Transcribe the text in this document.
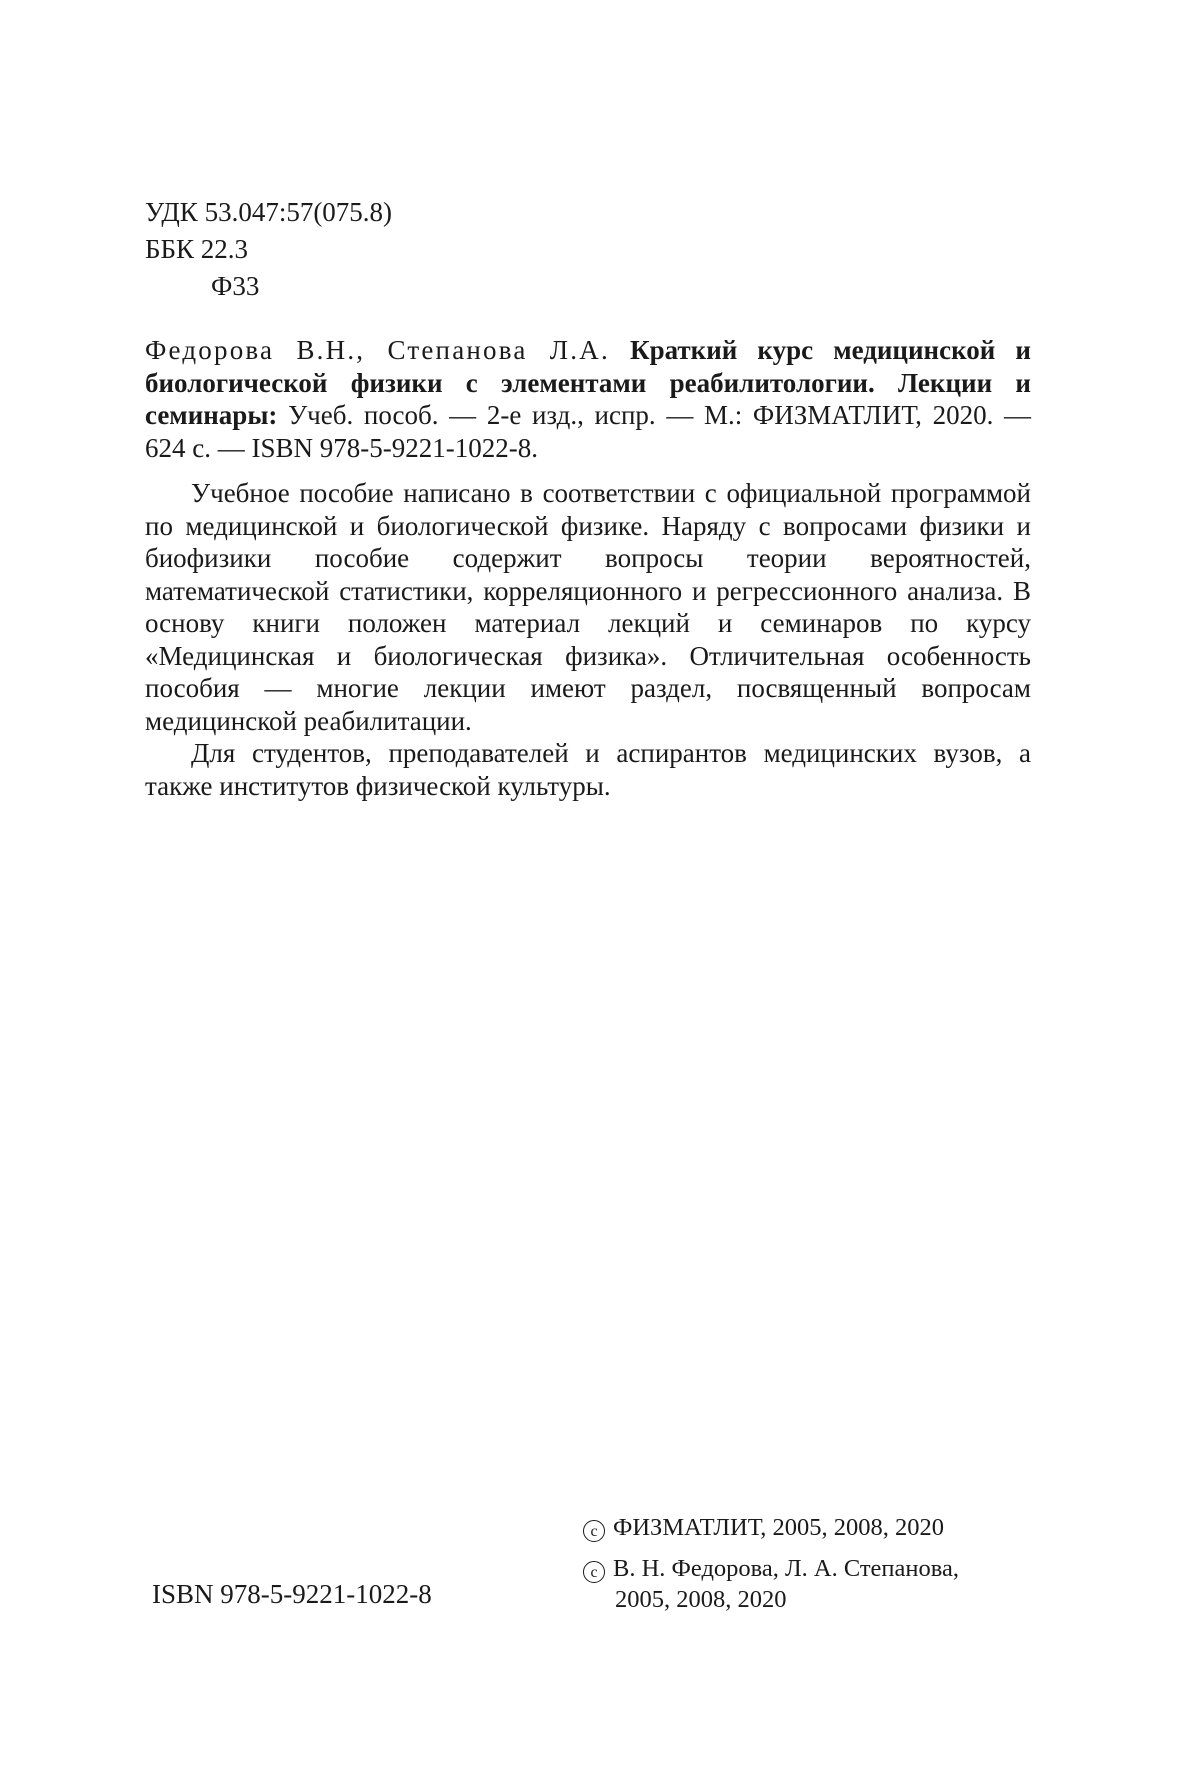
УДК 53.047:57(075.8)
ББК 22.3
Ф33
Федорова В.Н., Степанова Л.А. Краткий курс медицинской и биологической физики с элементами реабилитологии. Лекции и семинары: Учеб. пособ. — 2-е изд., испр. — М.: ФИЗМАТЛИТ, 2020. — 624 с. — ISBN 978-5-9221-1022-8.

Учебное пособие написано в соответствии с официальной программой по медицинской и биологической физике. Наряду с вопросами физики и биофизики пособие содержит вопросы теории вероятностей, математической статистики, корреляционного и регрессионного анализа. В основу книги положен материал лекций и семинаров по курсу «Медицинская и биологическая физика». Отличительная особенность пособия — многие лекции имеют раздел, посвященный вопросам медицинской реабилитации.

Для студентов, преподавателей и аспирантов медицинских вузов, а также институтов физической культуры.

ISBN 978-5-9221-1022-8
c ФИЗМАТЛИТ, 2005, 2008, 2020
c В. Н. Федорова, Л. А. Степанова,
2005, 2008, 2020
